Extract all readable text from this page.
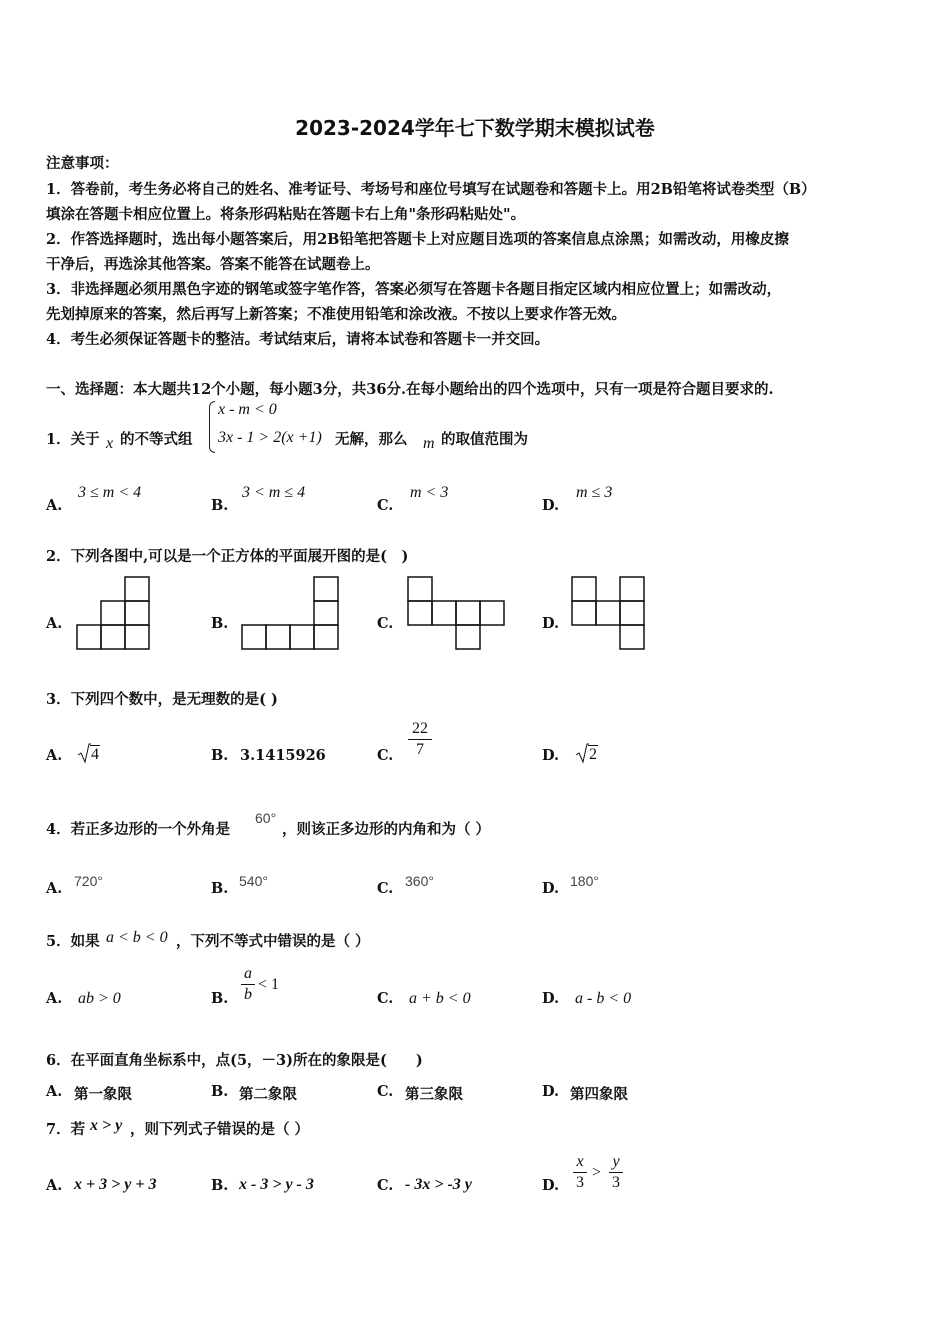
2023-2024学年七下数学期末模拟试卷
注意事项：
1．答卷前，考生务必将自己的姓名、准考证号、考场号和座位号填写在试题卷和答题卡上。用2B铅笔将试卷类型（B）
填涂在答题卡相应位置上。将条形码粘贴在答题卡右上角"条形码粘贴处"。
2．作答选择题时，选出每小题答案后，用2B铅笔把答题卡上对应题目选项的答案信息点涂黑；如需改动，用橡皮擦
干净后，再选涂其他答案。答案不能答在试题卷上。
3．非选择题必须用黑色字迹的钢笔或签字笔作答，答案必须写在答题卡各题目指定区域内相应位置上；如需改动，
先划掉原来的答案，然后再写上新答案；不准使用铅笔和涂改液。不按以上要求作答无效。
4．考生必须保证答题卡的整洁。考试结束后，请将本试卷和答题卡一并交回。
一、选择题：本大题共12个小题，每小题3分，共36分.在每小题给出的四个选项中，只有一项是符合题目要求的.
1．关于 x 的不等式组
x - m < 0
3x - 1 > 2(x +1) 无解，那么 m 的取值范围为
A.
3 ≤ m < 4
B.
3 < m ≤ 4
C.
m < 3
D.
m ≤ 3
2．下列各图中,可以是一个正方体的平面展开图的是(　)
A.	B.	C.	D.
3．下列四个数中，是无理数的是( )
A. 4	B. 3.1415926	C.
22
7	D. 2
4．若正多边形的一个外角是
60°
，则该正多边形的内角和为（ ）
A. 720°	B. 540°	C. 360°	D. 180°
5．如果 a < b < 0 ，下列不等式中错误的是（ ）
A. ab > 0	B.
a
b
< 1
C. a + b < 0	D. a - b < 0
6．在平面直角坐标系中，点(5，－3)所在的象限是(　　)
A. 第一象限	B. 第二象限	C. 第三象限	D. 第四象限
7．若 x > y ，则下列式子错误的是（ ）
A. x + 3 > y + 3	B. x - 3 > y - 3	C. - 3x > -3 y	D.
x
3
>
y
3
